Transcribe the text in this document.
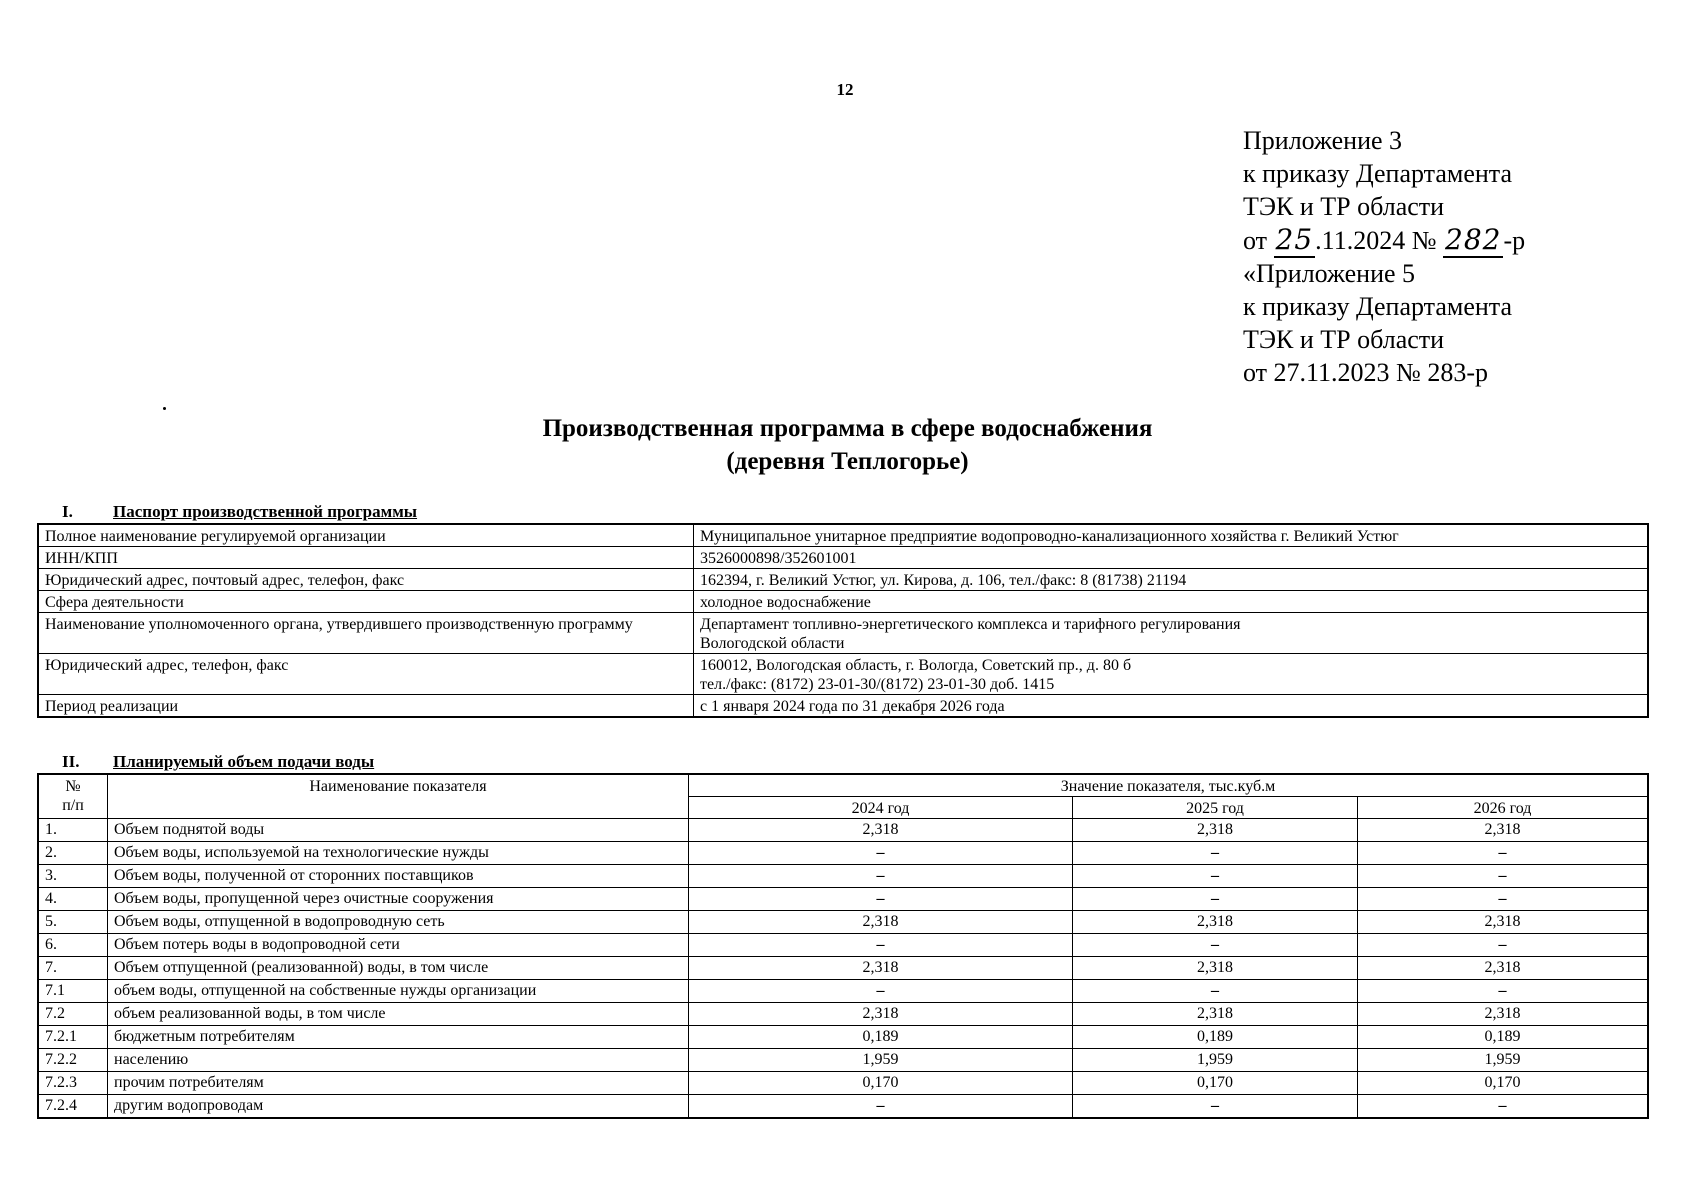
12
Приложение 3
к приказу Департамента
ТЭК и ТР области
от 25.11.2024 № 282-р
«Приложение 5
к приказу Департамента
ТЭК и ТР области
от 27.11.2023 № 283-р
Производственная программа в сфере водоснабжения
(деревня Теплогорье)
I. Паспорт производственной программы
Полное наименование регулируемой организации	Муниципальное унитарное предприятие водопроводно-канализационного хозяйства г. Великий Устюг

ИНН/КПП	3526000898/352601001

Юридический адрес, почтовый адрес, телефон, факс	162394, г. Великий Устюг, ул. Кирова, д. 106, тел./факс: 8 (81738) 21194

Сфера деятельности	холодное водоснабжение

Наименование уполномоченного органа, утвердившего производственную программу	Департамент топливно-энергетического комплекса и тарифного регулирования
Вологодской области

Юридический адрес, телефон, факс	160012, Вологодская область, г. Вологда, Советский пр., д. 80 б
тел./факс: (8172) 23-01-30/(8172) 23-01-30 доб. 1415

Период реализации	с 1 января 2024 года по 31 декабря 2026 года
II. Планируемый объем подачи воды
№
п/п	Наименование показателя	Значение показателя, тыс.куб.м		
		2024 год	2025 год	2026 год
1.	Объем поднятой воды	2,318	2,318	2,318
2.	Объем воды, используемой на технологические нужды	–	–	–
3.	Объем воды, полученной от сторонних поставщиков	–	–	–
4.	Объем воды, пропущенной через очистные сооружения	–	–	–
5.	Объем воды, отпущенной в водопроводную сеть	2,318	2,318	2,318
6.	Объем потерь воды в водопроводной сети	–	–	–
7.	Объем отпущенной (реализованной) воды, в том числе	2,318	2,318	2,318
7.1	объем воды, отпущенной на собственные нужды организации	–	–	–
7.2	объем реализованной воды, в том числе	2,318	2,318	2,318
7.2.1	бюджетным потребителям	0,189	0,189	0,189
7.2.2	населению	1,959	1,959	1,959
7.2.3	прочим потребителям	0,170	0,170	0,170
7.2.4	другим водопроводам	–	–	–
